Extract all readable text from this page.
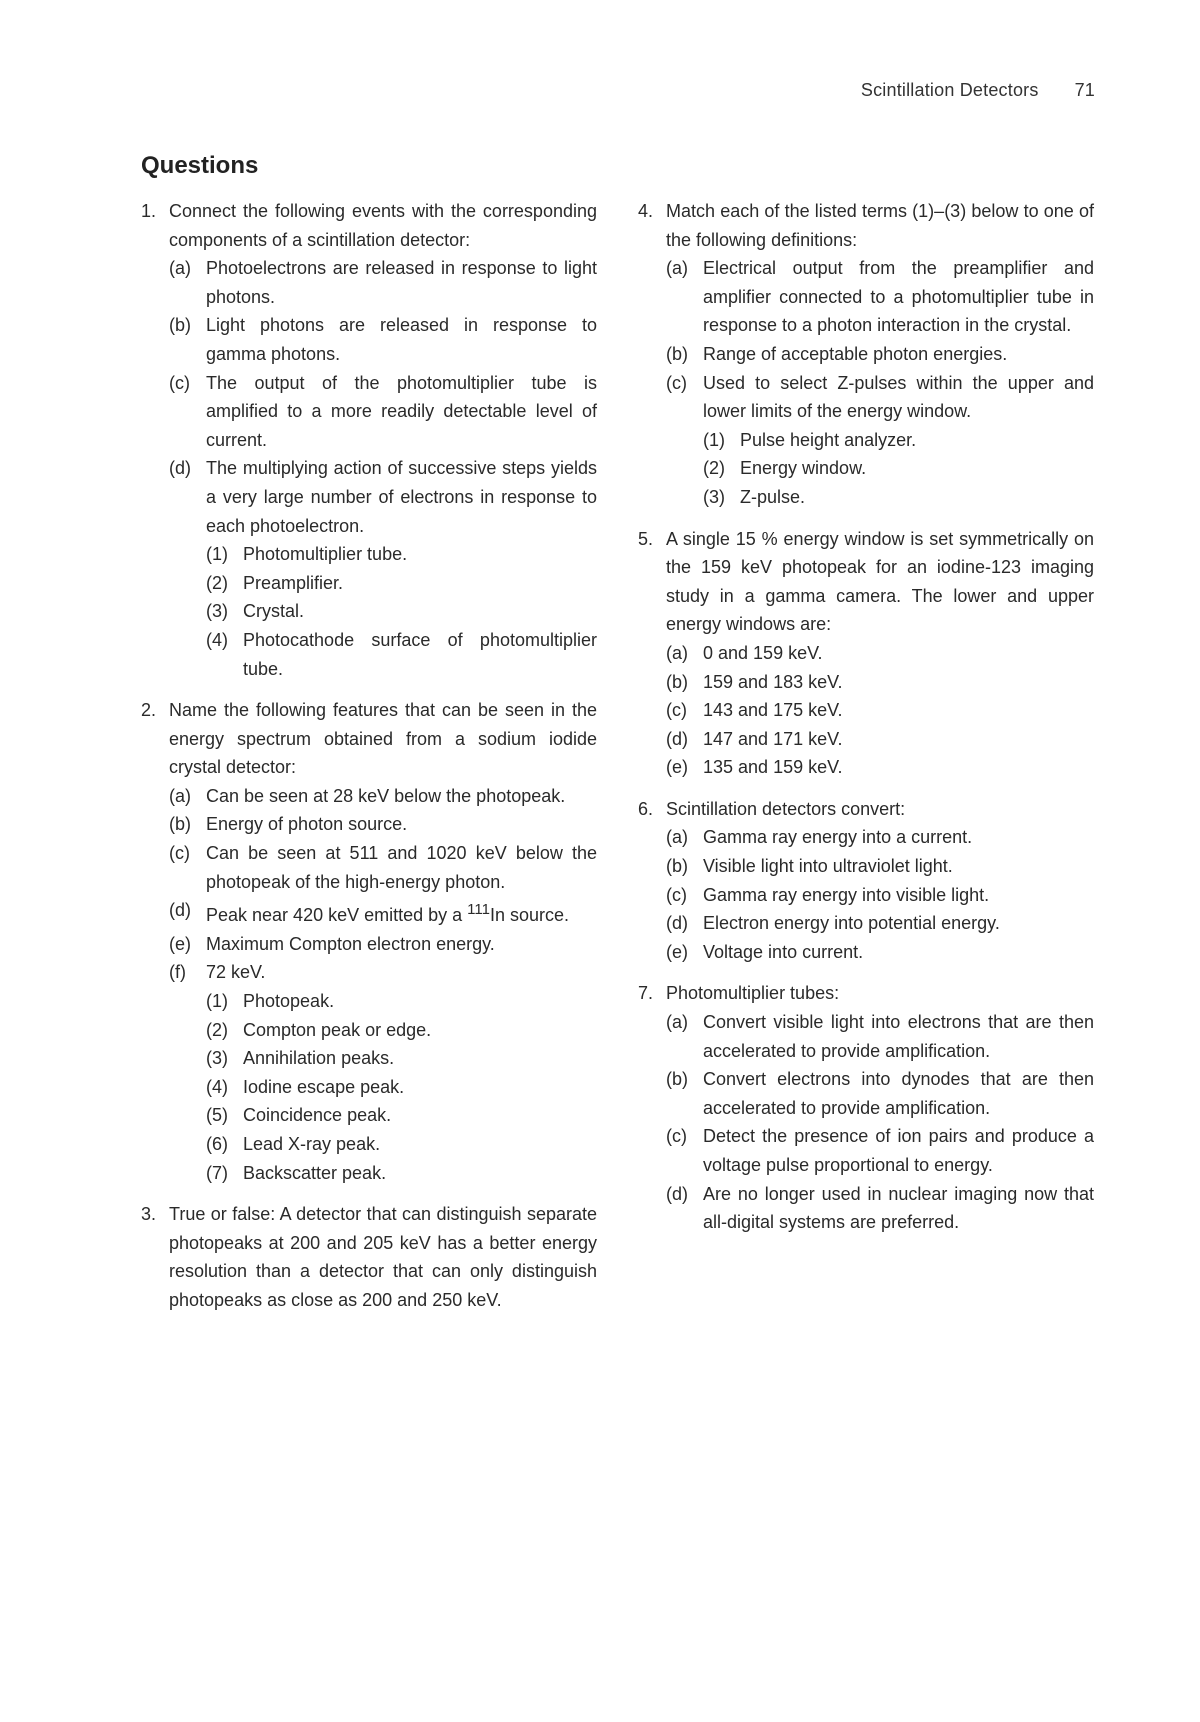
Scintillation Detectors 71
Questions
1. Connect the following events with the corresponding components of a scintillation detector:
(a) Photoelectrons are released in response to light photons.
(b) Light photons are released in response to gamma photons.
(c) The output of the photomultiplier tube is amplified to a more readily detectable level of current.
(d) The multiplying action of successive steps yields a very large number of electrons in response to each photoelectron.
(1) Photomultiplier tube.
(2) Preamplifier.
(3) Crystal.
(4) Photocathode surface of photomultiplier tube.
2. Name the following features that can be seen in the energy spectrum obtained from a sodium iodide crystal detector:
(a) Can be seen at 28 keV below the photopeak.
(b) Energy of photon source.
(c) Can be seen at 511 and 1020 keV below the photopeak of the high-energy photon.
(d) Peak near 420 keV emitted by a $^{111}$In source.
(e) Maximum Compton electron energy.
(f)	72 keV.
(1) Photopeak.
(2) Compton peak or edge.
(3) Annihilation peaks.
(4) Iodine escape peak.
(5) Coincidence peak.
(6) Lead X-ray peak.
(7) Backscatter peak.
3. True or false: A detector that can distinguish separate photopeaks at 200 and 205 keV has a better energy resolution than a detector that can only distinguish photopeaks as close as 200 and 250 keV.
4. Match each of the listed terms (1)–(3) below to one of the following definitions:
(a) Electrical output from the preamplifier and amplifier connected to a photomultiplier tube in response to a photon interaction in the crystal.
(b) Range of acceptable photon energies.
(c) Used to select Z-pulses within the upper and lower limits of the energy window.
(1) Pulse height analyzer.
(2) Energy window.
(3) Z-pulse.
5. A single 15 % energy window is set symmetrically on the 159 keV photopeak for an iodine-123 imaging study in a gamma camera. The lower and upper energy windows are:
(a) 0 and 159 keV.
(b) 159 and 183 keV.
(c) 143 and 175 keV.
(d) 147 and 171 keV.
(e) 135 and 159 keV.
6. Scintillation detectors convert:
(a) Gamma ray energy into a current.
(b) Visible light into ultraviolet light.
(c) Gamma ray energy into visible light.
(d) Electron energy into potential energy.
(e) Voltage into current.
7. Photomultiplier tubes:
(a) Convert visible light into electrons that are then accelerated to provide amplification.
(b) Convert electrons into dynodes that are then accelerated to provide amplification.
(c) Detect the presence of ion pairs and produce a voltage pulse proportional to energy.
(d) Are no longer used in nuclear imaging now that all-digital systems are preferred.
